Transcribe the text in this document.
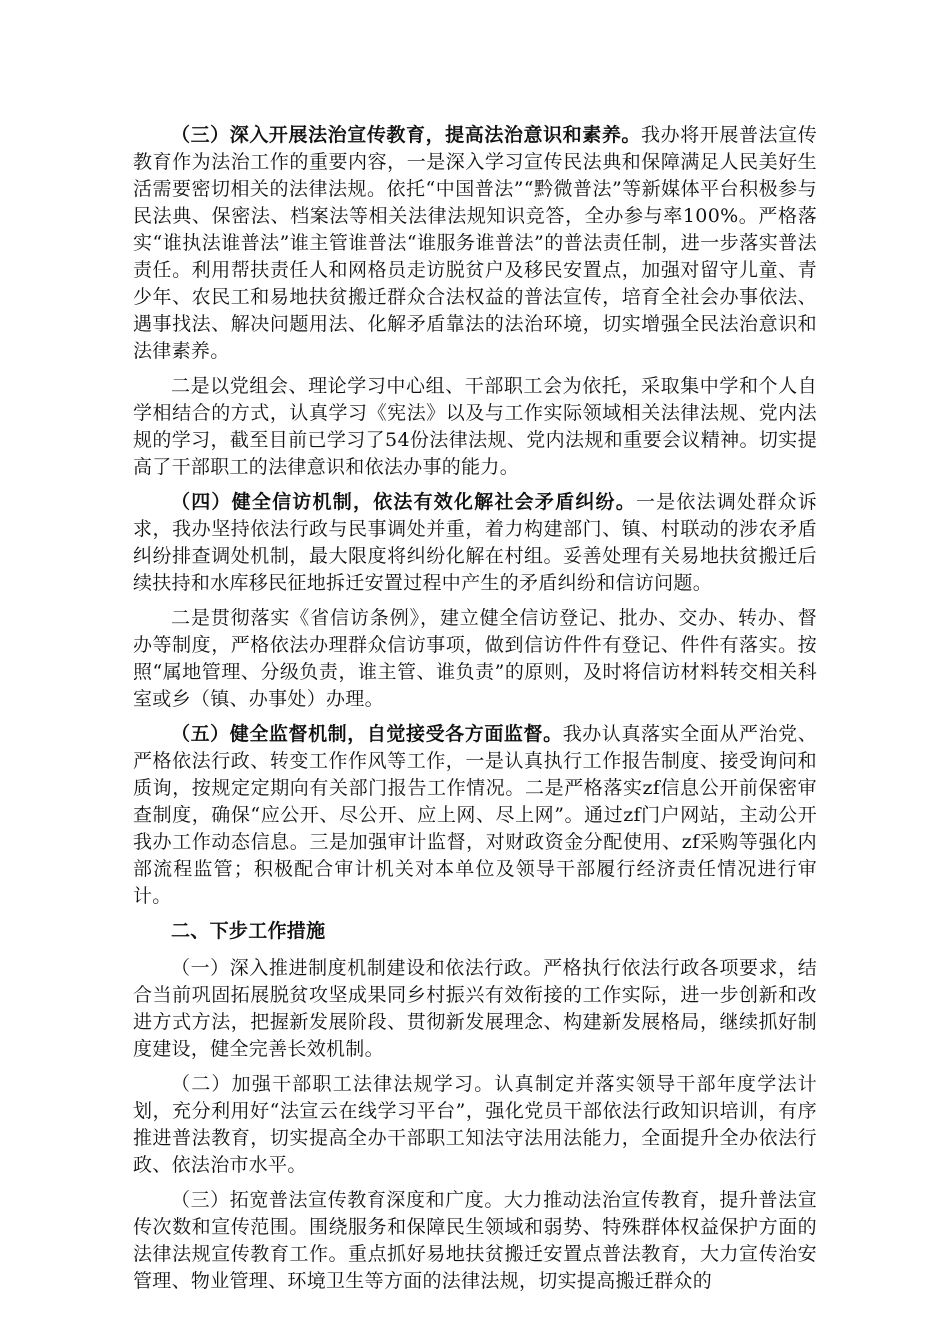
（三）深入开展法治宣传教育，提高法治意识和素养。我办将开展普法宣传教育作为法治工作的重要内容，一是深入学习宣传民法典和保障满足人民美好生活需要密切相关的法律法规。依托“中国普法”“黔微普法”等新媒体平台积极参与民法典、保密法、档案法等相关法律法规知识竞答，全办参与率100%。严格落实“谁执法谁普法”谁主管谁普法“谁服务谁普法”的普法责任制，进一步落实普法责任。利用帮扶责任人和网格员走访脱贫户及移民安置点，加强对留守儿童、青少年、农民工和易地扶贫搬迁群众合法权益的普法宣传，培育全社会办事依法、遇事找法、解决问题用法、化解矛盾靠法的法治环境，切实增强全民法治意识和法律素养。

二是以党组会、理论学习中心组、干部职工会为依托，采取集中学和个人自学相结合的方式，认真学习《宪法》以及与工作实际领域相关法律法规、党内法规的学习，截至目前已学习了54份法律法规、党内法规和重要会议精神。切实提高了干部职工的法律意识和依法办事的能力。

（四）健全信访机制，依法有效化解社会矛盾纠纷。一是依法调处群众诉求，我办坚持依法行政与民事调处并重，着力构建部门、镇、村联动的涉农矛盾纠纷排查调处机制，最大限度将纠纷化解在村组。妥善处理有关易地扶贫搬迁后续扶持和水库移民征地拆迁安置过程中产生的矛盾纠纷和信访问题。

二是贯彻落实《省信访条例》，建立健全信访登记、批办、交办、转办、督办等制度，严格依法办理群众信访事项，做到信访件件有登记、件件有落实。按照“属地管理、分级负责，谁主管、谁负责”的原则，及时将信访材料转交相关科室或乡（镇、办事处）办理。

（五）健全监督机制，自觉接受各方面监督。我办认真落实全面从严治党、严格依法行政、转变工作作风等工作，一是认真执行工作报告制度、接受询问和质询，按规定定期向有关部门报告工作情况。二是严格落实zf信息公开前保密审查制度，确保“应公开、尽公开、应上网、尽上网”。通过zf门户网站，主动公开我办工作动态信息。三是加强审计监督，对财政资金分配使用、zf采购等强化内部流程监管；积极配合审计机关对本单位及领导干部履行经济责任情况进行审计。

二、下步工作措施

（一）深入推进制度机制建设和依法行政。严格执行依法行政各项要求，结合当前巩固拓展脱贫攻坚成果同乡村振兴有效衔接的工作实际，进一步创新和改进方式方法，把握新发展阶段、贯彻新发展理念、构建新发展格局，继续抓好制度建设，健全完善长效机制。

（二）加强干部职工法律法规学习。认真制定并落实领导干部年度学法计划，充分利用好“法宣云在线学习平台”，强化党员干部依法行政知识培训，有序推进普法教育，切实提高全办干部职工知法守法用法能力，全面提升全办依法行政、依法治市水平。

（三）拓宽普法宣传教育深度和广度。大力推动法治宣传教育，提升普法宣传次数和宣传范围。围绕服务和保障民生领域和弱势、特殊群体权益保护方面的法律法规宣传教育工作。重点抓好易地扶贫搬迁安置点普法教育，大力宣传治安管理、物业管理、环境卫生等方面的法律法规，切实提高搬迁群众的
